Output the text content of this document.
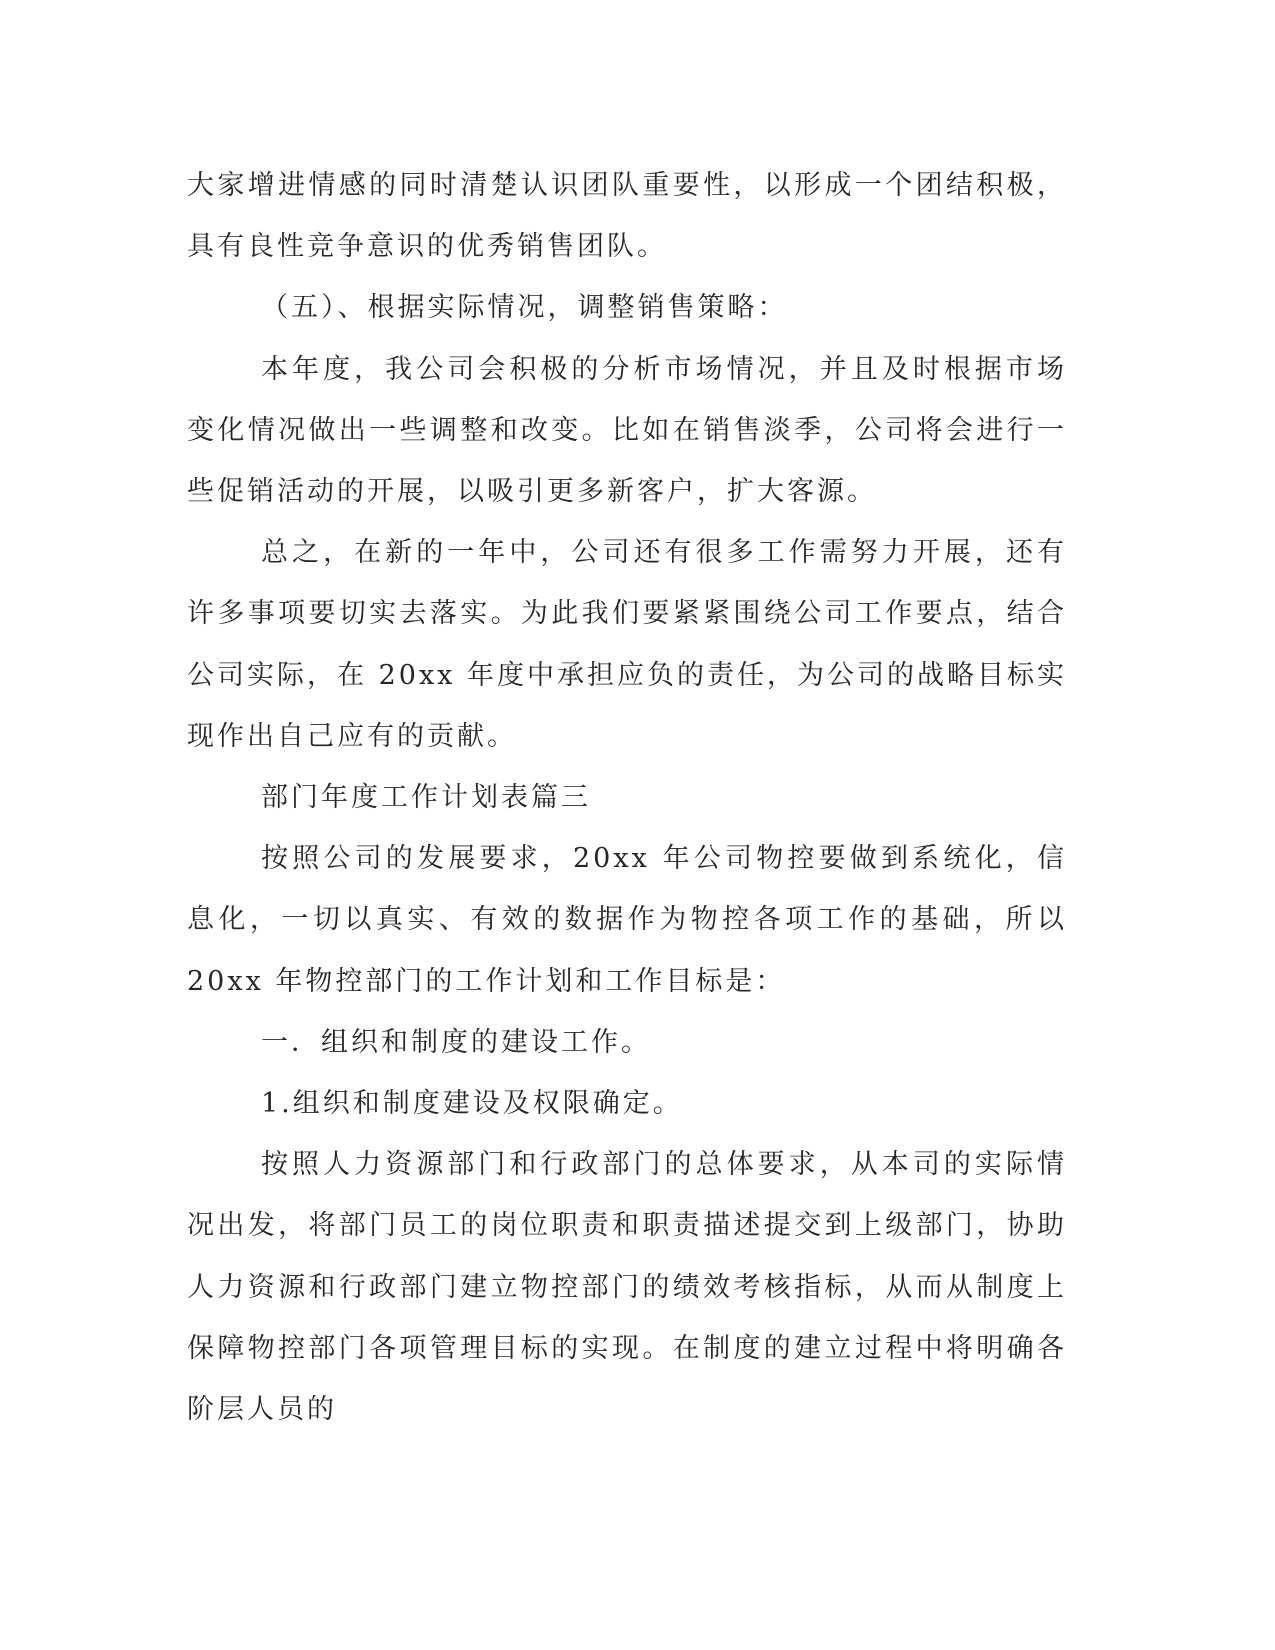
大家增进情感的同时清楚认识团队重要性，以形成一个团结积极，具有良性竞争意识的优秀销售团队。

（五）、根据实际情况，调整销售策略：

本年度，我公司会积极的分析市场情况，并且及时根据市场变化情况做出一些调整和改变。比如在销售淡季，公司将会进行一些促销活动的开展，以吸引更多新客户，扩大客源。

总之，在新的一年中，公司还有很多工作需努力开展，还有许多事项要切实去落实。为此我们要紧紧围绕公司工作要点，结合公司实际，在 20xx 年度中承担应负的责任，为公司的战略目标实现作出自己应有的贡献。

部门年度工作计划表篇三

按照公司的发展要求，20xx 年公司物控要做到系统化，信息化，一切以真实、有效的数据作为物控各项工作的基础，所以 20xx 年物控部门的工作计划和工作目标是：

一．组织和制度的建设工作。

1.组织和制度建设及权限确定。

按照人力资源部门和行政部门的总体要求，从本司的实际情况出发，将部门员工的岗位职责和职责描述提交到上级部门，协助人力资源和行政部门建立物控部门的绩效考核指标，从而从制度上保障物控部门各项管理目标的实现。在制度的建立过程中将明确各阶层人员的
